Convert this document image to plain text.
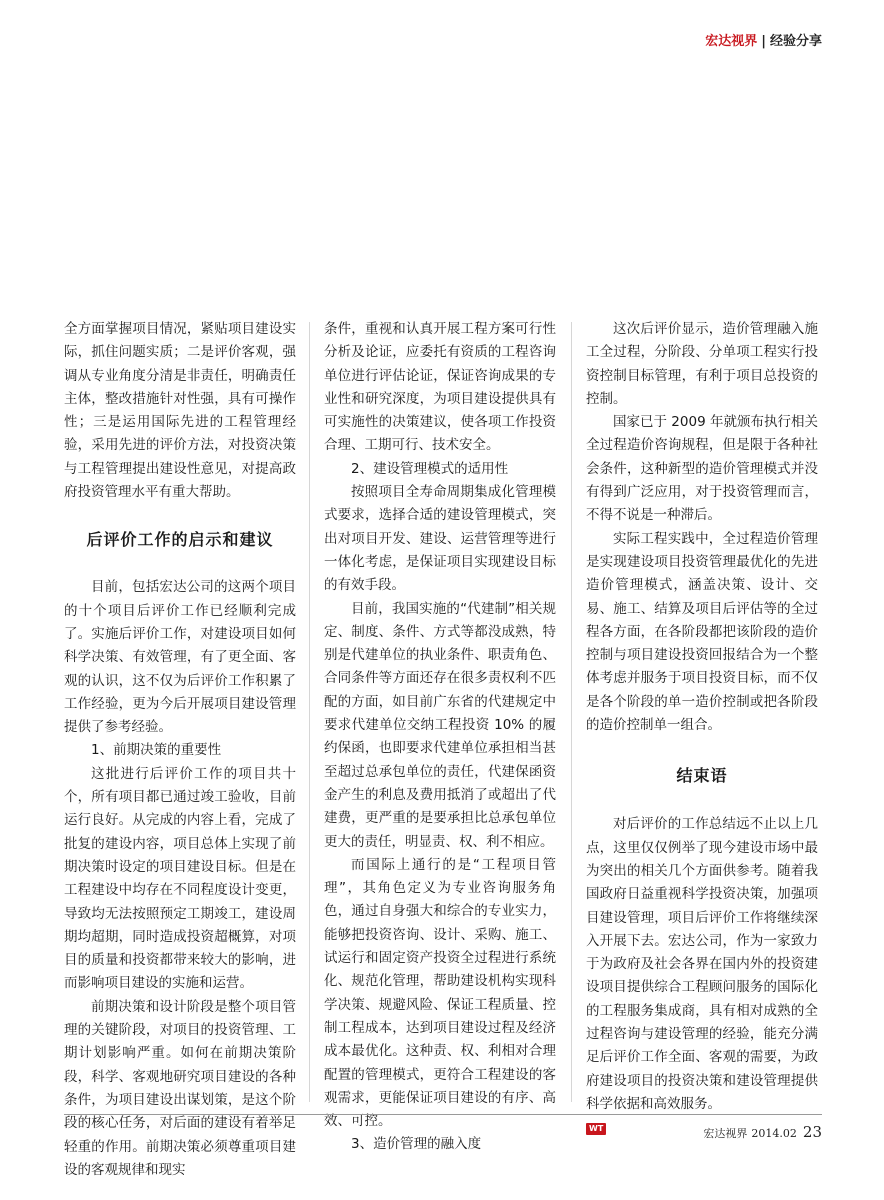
宏达视界 | 经验分享

全方面掌握项目情况，紧贴项目建设实际，抓住问题实质；二是评价客观，强调从专业角度分清是非责任，明确责任主体，整改措施针对性强，具有可操作性；三是运用国际先进的工程管理经验，采用先进的评价方法，对投资决策与工程管理提出建设性意见，对提高政府投资管理水平有重大帮助。

后评价工作的启示和建议

目前，包括宏达公司的这两个项目的十个项目后评价工作已经顺利完成了。实施后评价工作，对建设项目如何科学决策、有效管理，有了更全面、客观的认识，这不仅为后评价工作积累了工作经验，更为今后开展项目建设管理提供了参考经验。

1、前期决策的重要性

这批进行后评价工作的项目共十个，所有项目都已通过竣工验收，目前运行良好。从完成的内容上看，完成了批复的建设内容，项目总体上实现了前期决策时设定的项目建设目标。但是在工程建设中均存在不同程度设计变更，导致均无法按照预定工期竣工，建设周期均超期，同时造成投资超概算，对项目的质量和投资都带来较大的影响，进而影响项目建设的实施和运营。

前期决策和设计阶段是整个项目管理的关键阶段，对项目的投资管理、工期计划影响严重。如何在前期决策阶段，科学、客观地研究项目建设的各种条件，为项目建设出谋划策，是这个阶段的核心任务，对后面的建设有着举足轻重的作用。前期决策必须尊重项目建设的客观规律和现实

条件，重视和认真开展工程方案可行性分析及论证，应委托有资质的工程咨询单位进行评估论证，保证咨询成果的专业性和研究深度，为项目建设提供具有可实施性的决策建议，使各项工作投资合理、工期可行、技术安全。

2、建设管理模式的适用性

按照项目全寿命周期集成化管理模式要求，选择合适的建设管理模式，突出对项目开发、建设、运营管理等进行一体化考虑，是保证项目实现建设目标的有效手段。

目前，我国实施的“代建制”相关规定、制度、条件、方式等都没成熟，特别是代建单位的执业条件、职责角色、合同条件等方面还存在很多责权利不匹配的方面，如目前广东省的代建规定中要求代建单位交纳工程投资 10% 的履约保函，也即要求代建单位承担相当甚至超过总承包单位的责任，代建保函资金产生的利息及费用抵消了或超出了代建费，更严重的是要承担比总承包单位更大的责任，明显责、权、利不相应。

而国际上通行的是“工程项目管理”，其角色定义为专业咨询服务角色，通过自身强大和综合的专业实力，能够把投资咨询、设计、采购、施工、试运行和固定资产投资全过程进行系统化、规范化管理，帮助建设机构实现科学决策、规避风险、保证工程质量、控制工程成本，达到项目建设过程及经济成本最优化。这种责、权、利相对合理配置的管理模式，更符合工程建设的客观需求，更能保证项目建设的有序、高效、可控。

3、造价管理的融入度

这次后评价显示，造价管理融入施工全过程，分阶段、分单项工程实行投资控制目标管理，有利于项目总投资的控制。

国家已于 2009 年就颁布执行相关全过程造价咨询规程，但是限于各种社会条件，这种新型的造价管理模式并没有得到广泛应用，对于投资管理而言，不得不说是一种滞后。

实际工程实践中，全过程造价管理是实现建设项目投资管理最优化的先进造价管理模式，涵盖决策、设计、交易、施工、结算及项目后评估等的全过程各方面，在各阶段都把该阶段的造价控制与项目建设投资回报结合为一个整体考虑并服务于项目投资目标，而不仅是各个阶段的单一造价控制或把各阶段的造价控制单一组合。

结束语

对后评价的工作总结远不止以上几点，这里仅仅例举了现今建设市场中最为突出的相关几个方面供参考。随着我国政府日益重视科学投资决策，加强项目建设管理，项目后评价工作将继续深入开展下去。宏达公司，作为一家致力于为政府及社会各界在国内外的投资建设项目提供综合工程顾问服务的国际化的工程服务集成商，具有相对成熟的全过程咨询与建设管理的经验，能充分满足后评价工作全面、客观的需要，为政府建设项目的投资决策和建设管理提供科学依据和高效服务。

WT	宏达视界 2014.02 23
